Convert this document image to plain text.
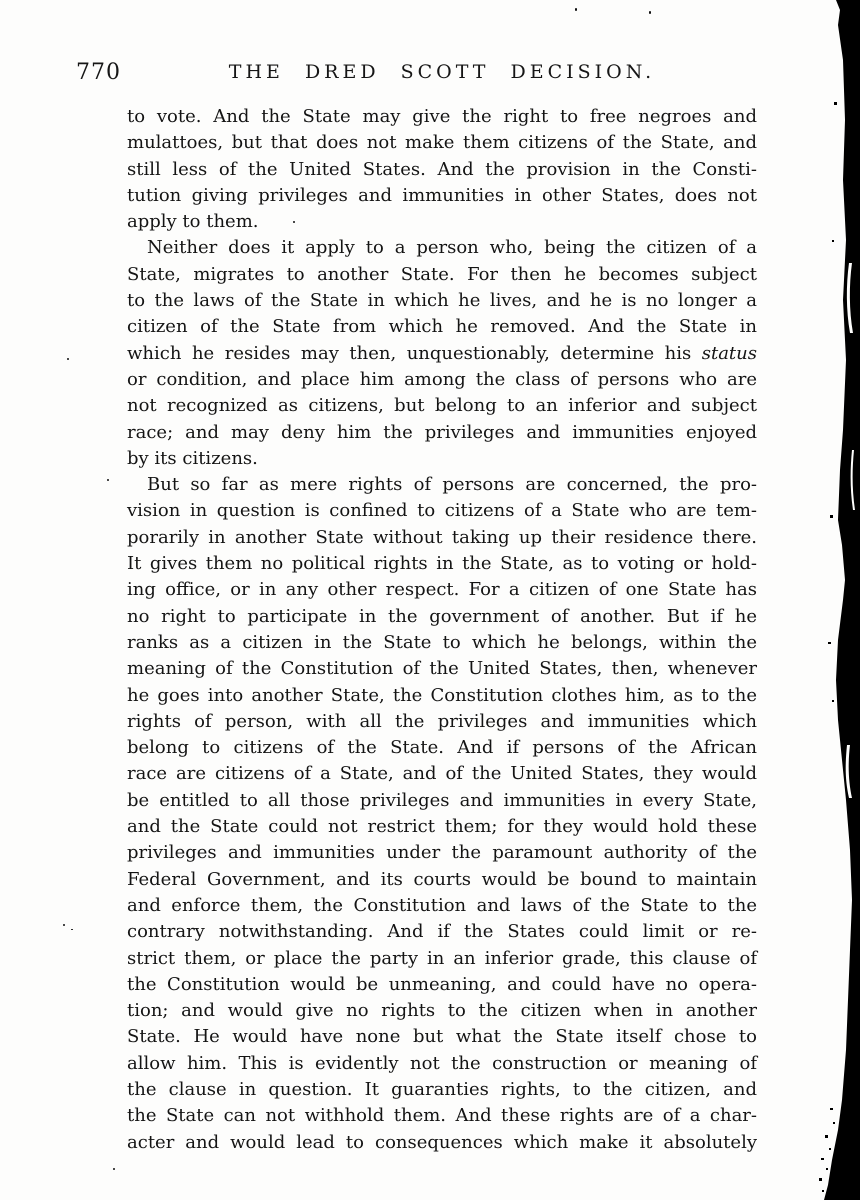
770	THE DRED SCOTT DECISION.
to vote. And the State may give the right to free negroes and
mulattoes, but that does not make them citizens of the State, and
still less of the United States. And the provision in the Consti-
tution giving privileges and immunities in other States, does not
apply to them.
Neither does it apply to a person who, being the citizen of a
State, migrates to another State. For then he becomes subject
to the laws of the State in which he lives, and he is no longer a
citizen of the State from which he removed. And the State in
which he resides may then, unquestionably, determine his status
or condition, and place him among the class of persons who are
not recognized as citizens, but belong to an inferior and subject
race; and may deny him the privileges and immunities enjoyed
by its citizens.
But so far as mere rights of persons are concerned, the pro-
vision in question is confined to citizens of a State who are tem-
porarily in another State without taking up their residence there.
It gives them no political rights in the State, as to voting or hold-
ing office, or in any other respect. For a citizen of one State has
no right to participate in the government of another. But if he
ranks as a citizen in the State to which he belongs, within the
meaning of the Constitution of the United States, then, whenever
he goes into another State, the Constitution clothes him, as to the
rights of person, with all the privileges and immunities which
belong to citizens of the State. And if persons of the African
race are citizens of a State, and of the United States, they would
be entitled to all those privileges and immunities in every State,
and the State could not restrict them; for they would hold these
privileges and immunities under the paramount authority of the
Federal Government, and its courts would be bound to maintain
and enforce them, the Constitution and laws of the State to the
contrary notwithstanding. And if the States could limit or re-
strict them, or place the party in an inferior grade, this clause of
the Constitution would be unmeaning, and could have no opera-
tion; and would give no rights to the citizen when in another
State. He would have none but what the State itself chose to
allow him. This is evidently not the construction or meaning of
the clause in question. It guaranties rights, to the citizen, and
the State can not withhold them. And these rights are of a char-
acter and would lead to consequences which make it absolutely
